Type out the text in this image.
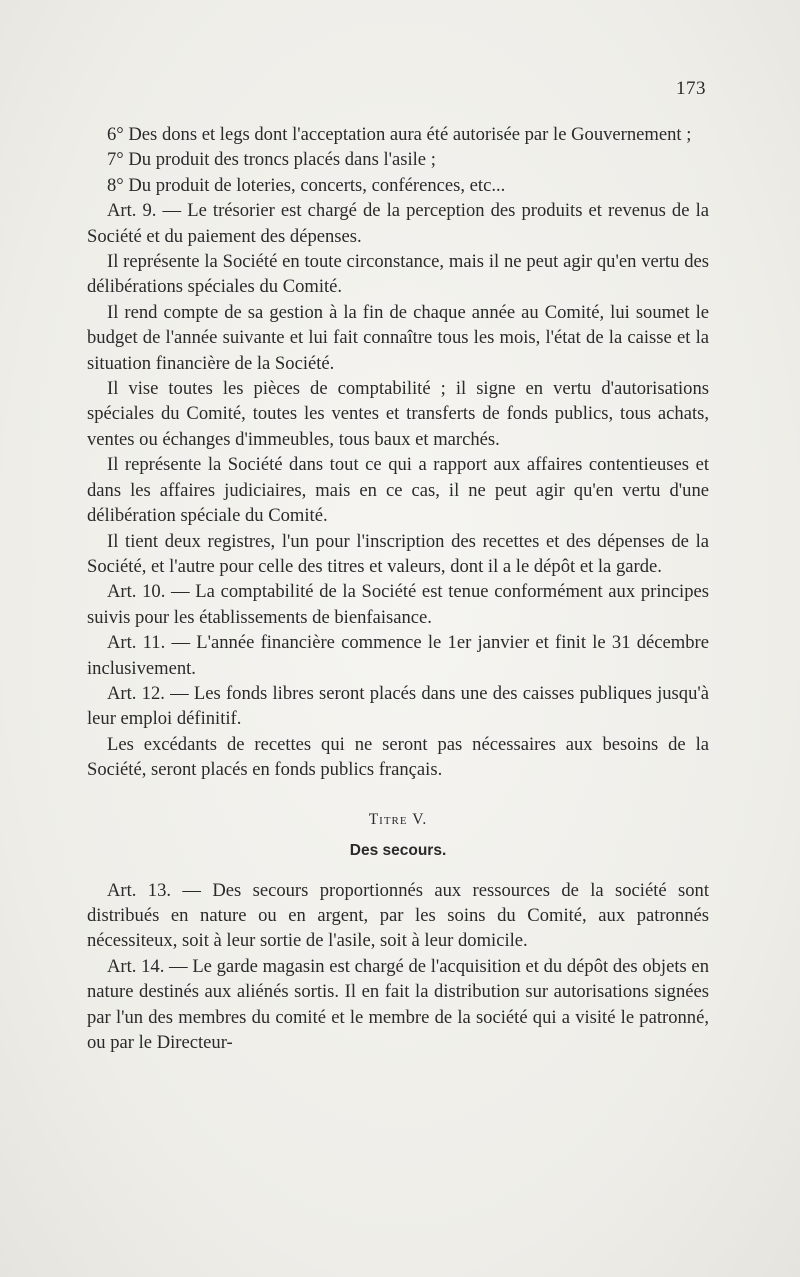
173

6° Des dons et legs dont l'acceptation aura été autorisée par le Gouvernement ;

7° Du produit des troncs placés dans l'asile ;

8° Du produit de loteries, concerts, conférences, etc...

Art. 9. — Le trésorier est chargé de la perception des produits et revenus de la Société et du paiement des dépenses.

Il représente la Société en toute circonstance, mais il ne peut agir qu'en vertu des délibérations spéciales du Comité.

Il rend compte de sa gestion à la fin de chaque année au Comité, lui soumet le budget de l'année suivante et lui fait connaître tous les mois, l'état de la caisse et la situation financière de la Société.

Il vise toutes les pièces de comptabilité ; il signe en vertu d'autorisations spéciales du Comité, toutes les ventes et transferts de fonds publics, tous achats, ventes ou échanges d'immeubles, tous baux et marchés.

Il représente la Société dans tout ce qui a rapport aux affaires contentieuses et dans les affaires judiciaires, mais en ce cas, il ne peut agir qu'en vertu d'une délibération spéciale du Comité.

Il tient deux registres, l'un pour l'inscription des recettes et des dépenses de la Société, et l'autre pour celle des titres et valeurs, dont il a le dépôt et la garde.

Art. 10. — La comptabilité de la Société est tenue conformément aux principes suivis pour les établissements de bienfaisance.

Art. 11. — L'année financière commence le 1er janvier et finit le 31 décembre inclusivement.

Art. 12. — Les fonds libres seront placés dans une des caisses publiques jusqu'à leur emploi définitif.

Les excédants de recettes qui ne seront pas nécessaires aux besoins de la Société, seront placés en fonds publics français.

Titre V.
Des secours.

Art. 13. — Des secours proportionnés aux ressources de la société sont distribués en nature ou en argent, par les soins du Comité, aux patronnés nécessiteux, soit à leur sortie de l'asile, soit à leur domicile.

Art. 14. — Le garde magasin est chargé de l'acquisition et du dépôt des objets en nature destinés aux aliénés sortis. Il en fait la distribution sur autorisations signées par l'un des membres du comité et le membre de la société qui a visité le patronné, ou par le Directeur-
